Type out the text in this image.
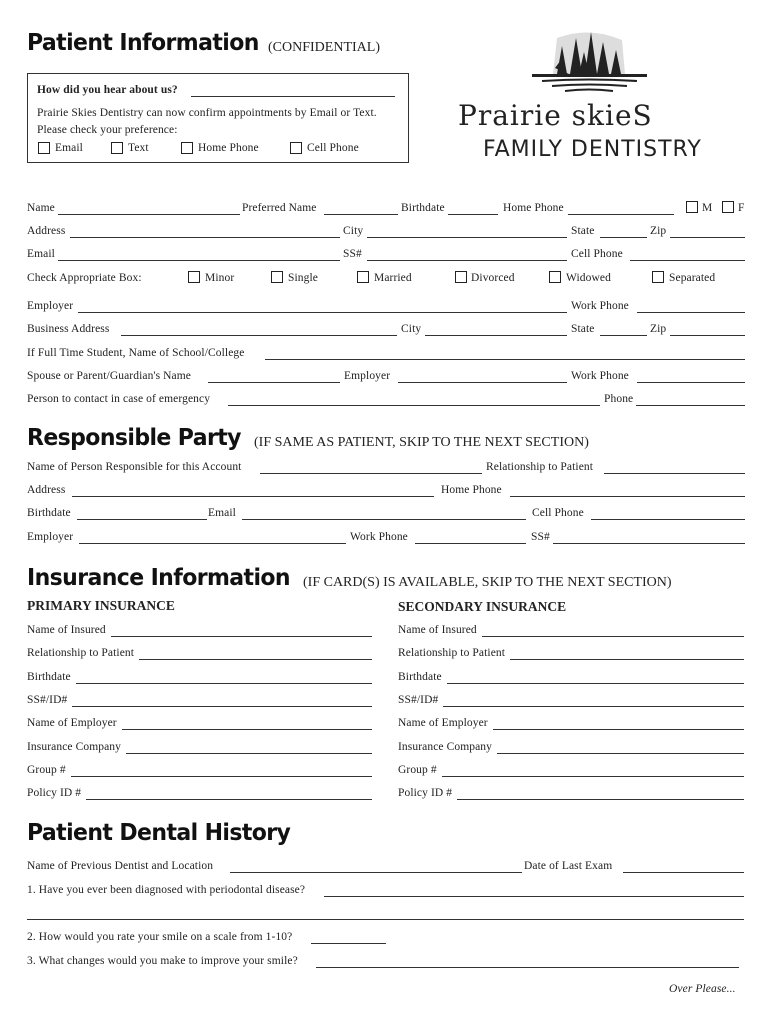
Patient Information (CONFIDENTIAL)
How did you hear about us?
Prairie Skies Dentistry can now confirm appointments by Email or Text.
Please check your preference:
Email	Text	Home Phone	Cell Phone
Prairie skieS
FAMILY DENTISTRY
Name	Preferred Name	Birthdate	Home Phone	M F
Address	City	State	Zip
Email	SS#	Cell Phone
Check Appropriate Box:	Minor	Single	Married	Divorced	Widowed	Separated
Employer	Work Phone
Business Address	City	State	Zip
If Full Time Student, Name of School/College
Spouse or Parent/Guardian's Name	Employer	Work Phone
Person to contact in case of emergency	Phone
Responsible Party (IF SAME AS PATIENT, SKIP TO THE NEXT SECTION)
Name of Person Responsible for this Account	Relationship to Patient
Address	Home Phone
Birthdate	Email	Cell Phone
Employer	Work Phone	SS#
Insurance Information (IF CARD(S) IS AVAILABLE, SKIP TO THE NEXT SECTION)
PRIMARY INSURANCE	SECONDARY INSURANCE
Name of Insured	Name of Insured
Relationship to Patient	Relationship to Patient
Birthdate	Birthdate
SS#/ID#	SS#/ID#
Name of Employer	Name of Employer
Insurance Company	Insurance Company
Group #	Group #
Policy ID #	Policy ID #
Patient Dental History
Name of Previous Dentist and Location	Date of Last Exam
1. Have you ever been diagnosed with periodontal disease?
2. How would you rate your smile on a scale from 1-10?
3. What changes would you make to improve your smile?
Over Please...
